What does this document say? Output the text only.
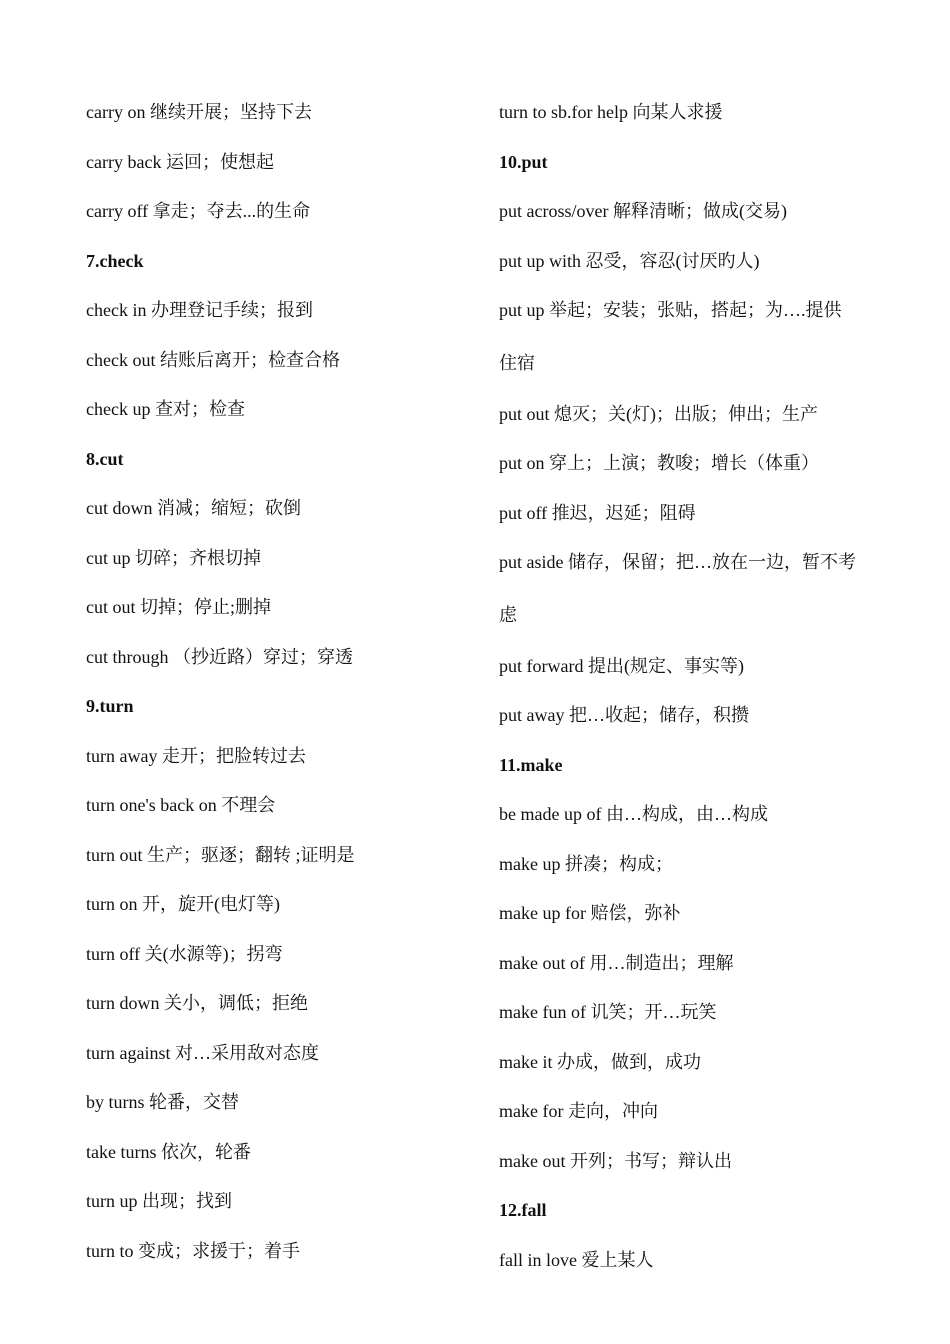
carry on 继续开展；坚持下去
carry back 运回；使想起
carry off 拿走；夺去...的生命
7.check
check in 办理登记手续；报到
check out 结账后离开；检查合格
check up 查对；检查
8.cut
cut down 消减；缩短；砍倒
cut up 切碎；齐根切掉
cut out 切掉；停止;删掉
cut through （抄近路）穿过；穿透
9.turn
turn away 走开；把脸转过去
turn one's back on 不理会
turn out 生产；驱逐；翻转 ;证明是
turn on 开，旋开(电灯等)
turn off 关(水源等)；拐弯
turn down 关小，调低；拒绝
turn against 对…采用敌对态度
by turns 轮番，交替
take turns 依次，轮番
turn up 出现；找到
turn to 变成；求援于；着手
turn to sb.for help 向某人求援
10.put
put across/over 解释清晰；做成(交易)
put up with 忍受，容忍(讨厌旳人)
put up 举起；安装；张贴，搭起；为….提供
住宿
put out 熄灭；关(灯)；出版；伸出；生产
put on 穿上；上演；教唆；增长（体重）
put off 推迟，迟延；阻碍
put aside 储存，保留；把…放在一边，暂不考
虑
put forward 提出(规定、事实等)
put away 把…收起；储存，积攒
11.make
be made up of 由…构成，由…构成
make up 拼凑；构成；
make up for 赔偿，弥补
make out of 用…制造出；理解
make fun of 讥笑；开…玩笑
make it 办成，做到，成功
make for 走向，冲向
make out 开列；书写；辩认出
12.fall
fall in love 爱上某人
